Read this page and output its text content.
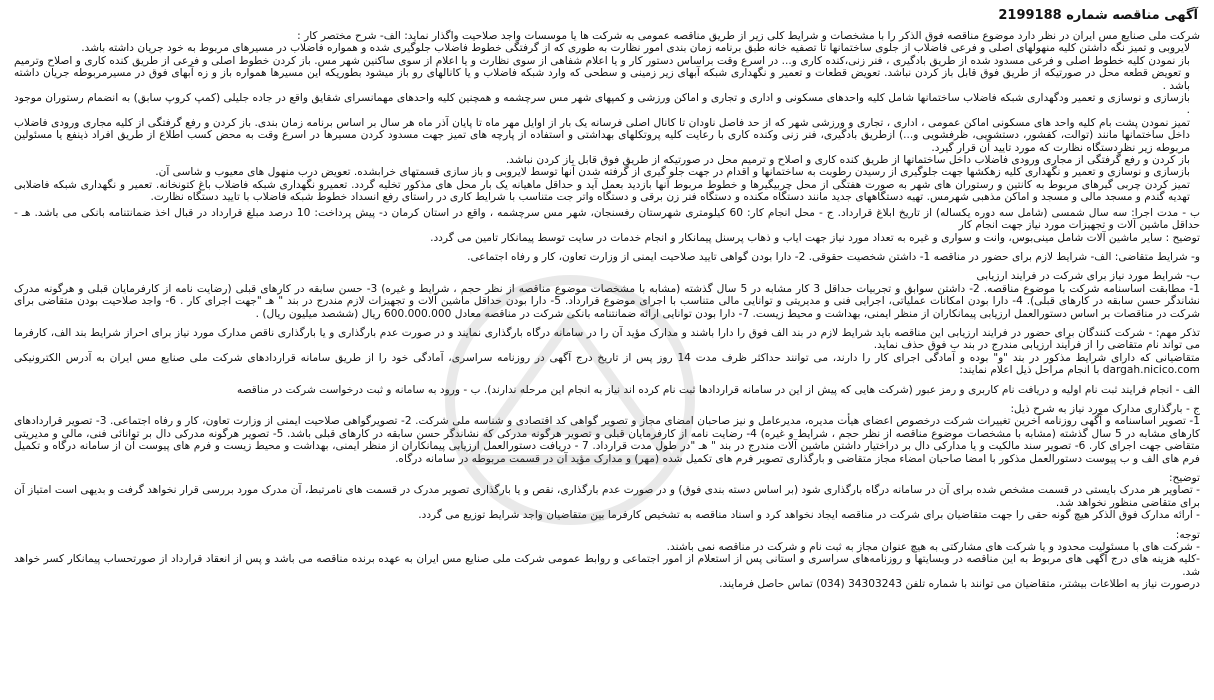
آگهی مناقصه شماره 2199188

شرکت ملی صنایع مس ایران در نظر دارد موضوع مناقصه فوق الذکر را با مشخصات و شرایط کلی زیر از طریق مناقصه عمومی به شرکت ها یا موسسات واجد صلاحیت واگذار نماید: الف- شرح مختصر کار :

لایروبی و تمیز نگه داشتن کلیه منهولهای اصلی و فرعی فاضلاب از جلوی ساختمانها تا تصفیه خانه طبق برنامه زمان بندی امور نظارت به طوری که از گرفتگی خطوط فاضلاب جلوگیری شده و همواره فاضلاب در مسیرهای مربوط به خود جریان داشته باشد.

باز نمودن کلیه خطوط اصلی و فرعی مسدود شده از طریق بادگیری ، فنر زنی،کنده کاری و... در اسرع وقت براساس دستور کار و یا اعلام شفاهی از سوی نظارت و یا اعلام از سوی ساکنین شهر مس. باز کردن خطوط اصلی و فرعی از طریق کنده کاری و اصلاح وترمیم و تعویض قطعه محل در صورتیکه از طریق فوق قابل باز کردن نباشد. تعویض قطعات و تعمیر و نگهداری شبکه آبهای زیر زمینی و سطحی که وارد شبکه فاضلاب و یا کانالهای رو باز میشود بطوریکه این مسیرها همواره باز و زه آبهای فوق در مسیرمربوطه جریان داشته باشد .

بازسازی و نوسازی و تعمیر ودگهداری شبکه فاضلاب ساختمانها شامل کلیه واحدهای مسکونی و اداری و تجاری و اماکن ورزشی و کمپهای شهر مس سرچشمه و همچنین کلیه واحدهای مهمانسرای شقایق واقع در جاده جلیلی (کمپ کروپ سابق) به انضمام رستوران موجود .

تمیز نمودن پشت بام کلیه واحد های مسکونی اماکن عمومی ، اداری ، تجاری و ورزشی شهر که از حد فاصل ناودان تا کانال اصلی فرسانه یک بار از اوایل مهر ماه تا پایان آذر ماه هر سال بر اساس برنامه زمان بندی. باز کردن و رفع گرفتگی از کلیه مجاری ورودی فاضلاب داخل ساختمانها مانند (توالت، کفشور، دستشویی، ظرفشویی و...) ازطریق بادگیری، فنر زنی وکنده کاری با رعایت کلیه پروتکلهای بهداشتی و استفاده از پارچه های تمیز جهت مسدود کردن مسیرها در اسرع وقت به محض کسب اطلاع از طریق افراد ذینفع یا مسئولین مربوطه زیر نظردستگاه نظارت که مورد تایید آن قرار گیرد.

باز کردن و رفع گرفتگی از مجاری ورودی فاضلاب داخل ساختمانها از طریق کنده کاری و اصلاح و ترمیم محل در صورتیکه از طریق فوق قابل باز کردن نباشد.

بازسازی و نوسازی و تعمیر و نگهداری کلیه زهکشها جهت جلوگیری از رسیدن رطوبت به ساختمانها و اقدام در جهت جلو گیری از گرفته شدن آنها توسط لایروبی و باز سازی قسمتهای خرابشده. تعویض درب منهول های معیوب و شاسی آن.

تمیز کردن چربی گیرهای مربوط به کانتین و رستوران های شهر به صورت هفتگی از محل چربیگیرها و خطوط مربوط آنها بازدید بعمل آید و حداقل ماهیانه یک بار محل های مذکور تخلیه گردد. تعمیرو نگهداری شبکه فاضلاب باغ کتونخانه. تعمیر و نگهداری شبکه فاضلابی تهدیه گندم و مسجد مالی و مسجد و اماکن مذهبی شهرمس. تهیه دستگاههای جدید مانند دستگاه مکنده و دستگاه فنر زن برقی و دستگاه واتر جت متناسب با شرایط کاری در راستای رفع انسداد خطوط شبکه فاضلاب با تایید دستگاه نظارت.

ب - مدت اجرا: سه سال شمسی (شامل سه دوره یکساله) از تاریخ ابلاغ قرارداد. ج - محل انجام کار: 60 کیلومتری شهرستان رفسنجان، شهر مس سرچشمه ، واقع در استان کرمان د- پیش پرداخت: 10 درصد مبلغ قرارداد در قبال اخذ ضمانتنامه بانکی می باشد. هـ - حداقل ماشین آلات و تجهیزات مورد نیاز جهت انجام کار

توضیح : سایر ماشین آلات شامل مینی‌بوس، وانت و سواری و غیره به تعداد مورد نیاز جهت ایاب و ذهاب پرسنل پیمانکار و انجام خدمات در سایت توسط پیمانکار تامین می گردد.

و- شرایط متقاضی: الف- شرایط لازم برای حضور در مناقصه 1- داشتن شخصیت حقوقی. 2- دارا بودن گواهی تایید صلاحیت ایمنی از وزارت تعاون، کار و رفاه اجتماعی.

ب- شرایط مورد نیاز برای شرکت در فرایند ارزیابی

1- مطابقت اساسنامه شرکت با موضوع مناقصه. 2- داشتن سوابق و تجربیات حداقل 3 کار مشابه در 5 سال گذشته (مشابه با مشخصات موضوع مناقصه از نظر حجم ، شرایط و غیره) 3- حسن سابقه در کارهای قبلی (رضایت نامه از کارفرمایان قبلی و هرگونه مدرک نشاندگر حسن سابقه در کارهای قبلی). 4- دارا بودن امکانات عملیاتی، اجرایی فنی و مدیریتی و توانایی مالی متناسب با اجرای موضوع قرارداد. 5- دارا بودن حداقل ماشین آلات و تجهیزات لازم مندرج در بند " هـ "جهت اجرای کار . 6- واجد صلاحیت بودن متقاضی برای شرکت در مناقصات بر اساس دستورالعمل ارزیابی پیمانکاران از منظر ایمنی، بهداشت و محیط زیست. 7- دارا بودن توانایی ارائه ضمانتنامه بانکی شرکت در مناقصه معادل 600.000.000 ریال (ششصد میلیون ریال) .

تذکر مهم: - شرکت کنندگان برای حضور در فرایند ارزیابی این مناقصه باید شرایط لازم در بند الف فوق را دارا باشند و مدارک مؤید آن را در سامانه درگاه بارگذاری نمایند و در صورت عدم بارگذاری و یا بارگذاری ناقص مدارک مورد نیاز برای احراز شرایط بند الف، کارفرما می تواند نام متقاضی را از فرآیند ارزیابی مندرج در بند ب فوق حذف نماید.

متقاضیانی که دارای شرایط مذکور در بند "و" بوده و آمادگی اجرای کار را دارند، می توانند حداکثر ظرف مدت 14 روز پس از تاریخ درج آگهی در روزنامه سراسری، آمادگی خود را از طریق سامانه قراردادهای شرکت ملی صنایع مس ایران به آدرس الکترونیکی dargah.nicico.com با انجام مراحل ذیل اعلام نمایند:

الف - انجام فرایند ثبت نام اولیه و دریافت نام کاربری و رمز عبور (شرکت هایی که پیش از این در سامانه قراردادها ثبت نام کرده اند نیاز به انجام این مرحله ندارند). ب - ورود به سامانه و ثبت درخواست شرکت در مناقصه

ج - بارگذاری مدارک مورد نیاز به شرح ذیل:

1- تصویر اساسنامه و آگهی روزنامه آخرین تغییرات شرکت درخصوص اعضای هیأت مدیره، مدیرعامل و نیز صاحبان امضای مجاز و تصویر گواهی کد اقتصادی و شناسه ملی شرکت. 2- تصویرگواهی صلاحیت ایمنی از وزارت تعاون، کار و رفاه اجتماعی. 3- تصویر قراردادهای کارهای مشابه در 5 سال گذشته (مشابه با مشخصات موضوع مناقصه از نظر حجم ، شرایط و غیره) 4- رضایت نامه از کارفرمایان قبلی و تصویر هرگونه مدرکی که نشاندگر حسن سابقه در کارهای قبلی باشد. 5- تصویر هرگونه مدرکی دال بر توانائی فنی، مالی و مدیریتی متقاضی جهت اجرای کار. 6- تصویر سند مالکیت و یا مدارکی دال بر دراختیار داشتن ماشین آلات مندرج در بند " هـ "در طول مدت قرارداد. 7 - دریافت دستورالعمل ارزیابی پیمانکاران از منظر ایمنی، بهداشت و محیط زیست و فرم های پیوست آن از سامانه درگاه و تکمیل فرم های الف و ب پیوست دستورالعمل مذکور با امضا صاحبان امضاء مجاز متقاضی و بارگذاری تصویر فرم های تکمیل شده (مهر) و مدارک مؤید آن در قسمت مربوطه در سامانه درگاه.

توضیح:

- تصاویر هر مدرک بایستی در قسمت مشخص شده برای آن در سامانه درگاه بارگذاری شود (بر اساس دسته بندی فوق) و در صورت عدم بارگذاری، نقص و یا بارگذاری تصویر مدرک در قسمت های نامرتبط، آن مدرک مورد بررسی قرار نخواهد گرفت و بدیهی است امتیاز آن برای متقاضی منظور نخواهد شد.

- ارائه مدارک فوق الذکر هیچ گونه حقی را جهت متقاضیان برای شرکت در مناقصه ایجاد نخواهد کرد و اسناد مناقصه به تشخیص کارفرما بین متقاضیان واجد شرایط توزیع می گردد.

توجه:

- شرکت های با مسئولیت محدود و یا شرکت های مشارکتی به هیچ عنوان مجاز به ثبت نام و شرکت در مناقصه نمی باشند.

-کلیه هزینه های درج آگهی های مربوط به این مناقصه در وبسایتها و روزنامه‌های سراسری و استانی پس از استعلام از امور اجتماعی و روابط عمومی شرکت ملی صنایع مس ایران به عهده برنده مناقصه می باشد و پس از انعقاد قرارداد از صورتحساب پیمانکار کسر خواهد شد.

درصورت نیاز به اطلاعات بیشتر، متقاضیان می توانند با شماره تلفن 34303243 (034) تماس حاصل فرمایند.
